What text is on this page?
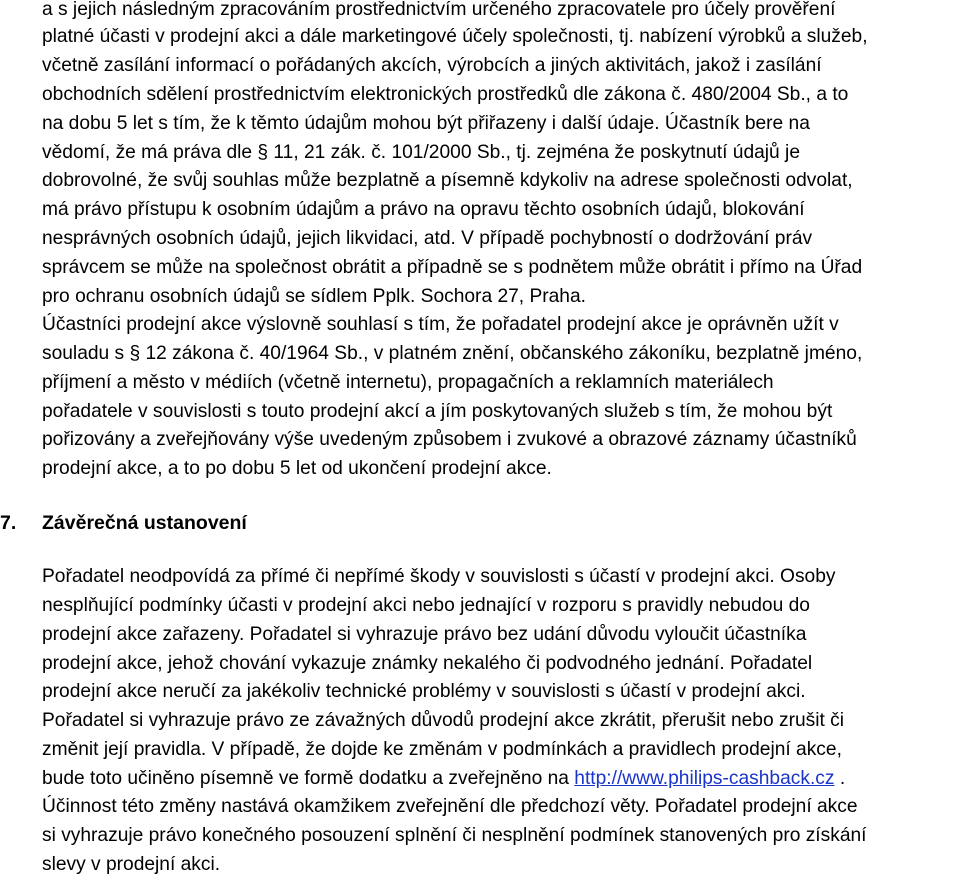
a s jejich následným zpracováním prostřednictvím určeného zpracovatele pro účely prověření
platné účasti v prodejní akci a dále marketingové účely společnosti, tj. nabízení výrobků a služeb,
včetně zasílání informací o pořádaných akcích, výrobcích a jiných aktivitách, jakož i zasílání
obchodních sdělení prostřednictvím elektronických prostředků dle zákona č. 480/2004 Sb., a to
na dobu 5 let s tím, že k těmto údajům mohou být přiřazeny i další údaje. Účastník bere na
vědomí, že má práva dle § 11, 21 zák. č. 101/2000 Sb., tj. zejména že poskytnutí údajů je
dobrovolné, že svůj souhlas může bezplatně a písemně kdykoliv na adrese společnosti odvolat,
má právo přístupu k osobním údajům a právo na opravu těchto osobních údajů, blokování
nesprávných osobních údajů, jejich likvidaci, atd. V případě pochybností o dodržování práv
správcem se může na společnost obrátit a případně se s podnětem může obrátit i přímo na Úřad
pro ochranu osobních údajů se sídlem Pplk. Sochora 27, Praha.
Účastníci prodejní akce výslovně souhlasí s tím, že pořadatel prodejní akce je oprávněn užít v
souladu s § 12 zákona č. 40/1964 Sb., v platném znění, občanského zákoníku, bezplatně jméno,
příjmení a město v médiích (včetně internetu), propagačních a reklamních materiálech
pořadatele v souvislosti s touto prodejní akcí a jím poskytovaných služeb s tím, že mohou být
pořizovány a zveřejňovány výše uvedeným způsobem i zvukové a obrazové záznamy účastníků
prodejní akce, a to po dobu 5 let od ukončení prodejní akce.
7. Závěrečná ustanovení
Pořadatel neodpovídá za přímé či nepřímé škody v souvislosti s účastí v prodejní akci. Osoby
nesplňující podmínky účasti v prodejní akci nebo jednající v rozporu s pravidly nebudou do
prodejní akce zařazeny. Pořadatel si vyhrazuje právo bez udání důvodu vyloučit účastníka
prodejní akce, jehož chování vykazuje známky nekalého či podvodného jednání. Pořadatel
prodejní akce neručí za jakékoliv technické problémy v souvislosti s účastí v prodejní akci.
Pořadatel si vyhrazuje právo ze závažných důvodů prodejní akce zkrátit, přerušit nebo zrušit či
změnit její pravidla. V případě, že dojde ke změnám v podmínkách a pravidlech prodejní akce,
bude toto učiněno písemně ve formě dodatku a zveřejněno na http://www.philips-cashback.cz .
Účinnost této změny nastává okamžikem zveřejnění dle předchozí věty. Pořadatel prodejní akce
si vyhrazuje právo konečného posouzení splnění či nesplnění podmínek stanovených pro získání
slevy v prodejní akci.
